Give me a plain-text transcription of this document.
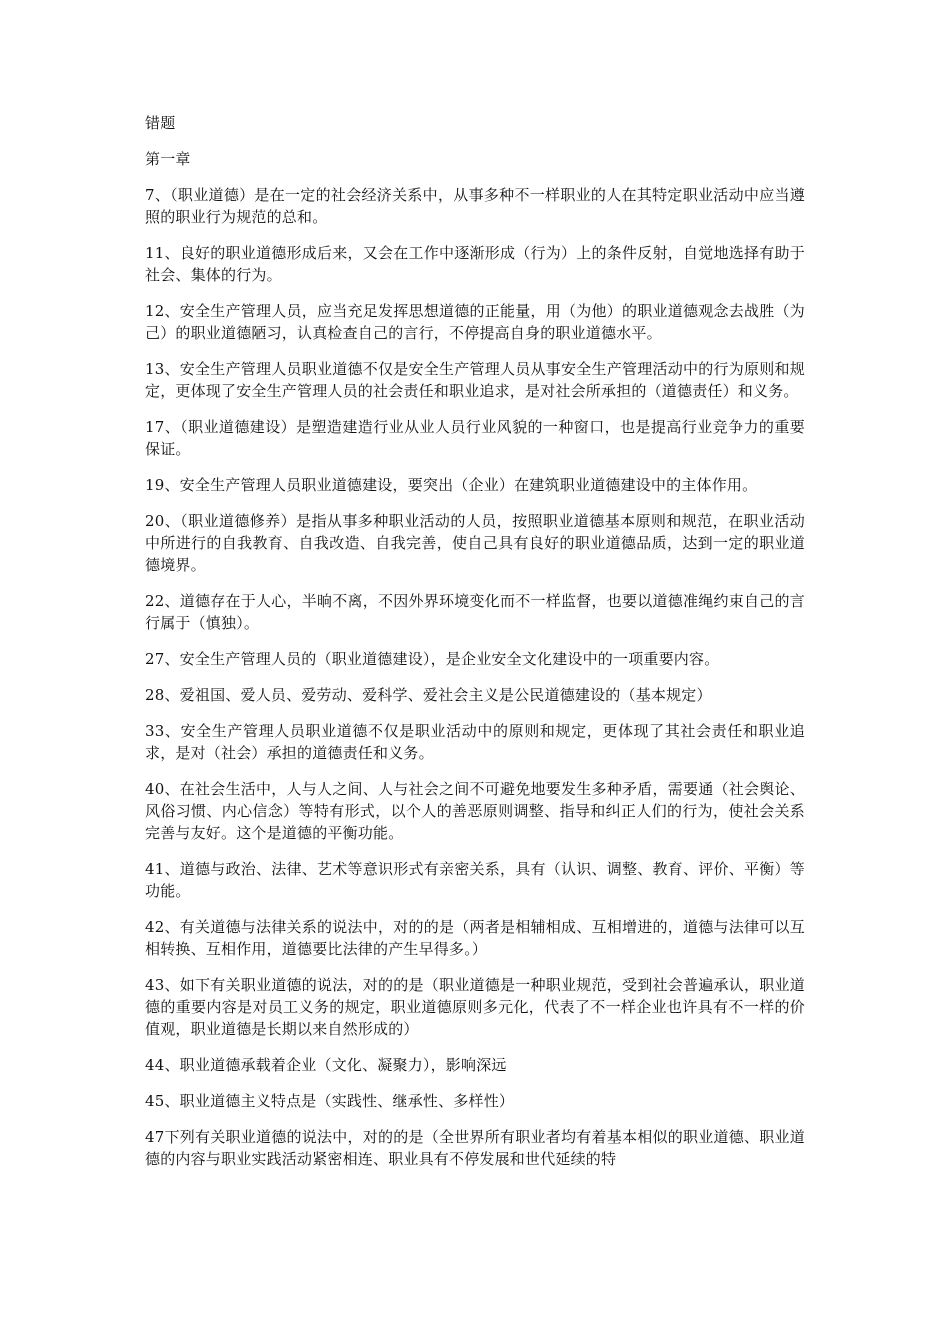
错题
第一章

7、（职业道德）是在一定的社会经济关系中，从事多种不一样职业的人在其特定职业活动中应当遵照的职业行为规范的总和。

11、良好的职业道德形成后来，又会在工作中逐渐形成（行为）上的条件反射，自觉地选择有助于社会、集体的行为。

12、安全生产管理人员，应当充足发挥思想道德的正能量，用（为他）的职业道德观念去战胜（为己）的职业道德陋习，认真检查自己的言行，不停提高自身的职业道德水平。

13、安全生产管理人员职业道德不仅是安全生产管理人员从事安全生产管理活动中的行为原则和规定，更体现了安全生产管理人员的社会责任和职业追求，是对社会所承担的（道德责任）和义务。

17、（职业道德建设）是塑造建造行业从业人员行业风貌的一种窗口，也是提高行业竞争力的重要保证。

19、安全生产管理人员职业道德建设，要突出（企业）在建筑职业道德建设中的主体作用。

20、（职业道德修养）是指从事多种职业活动的人员，按照职业道德基本原则和规范，在职业活动中所进行的自我教育、自我改造、自我完善，使自己具有良好的职业道德品质，达到一定的职业道德境界。

22、道德存在于人心，半晌不离，不因外界环境变化而不一样监督，也要以道德准绳约束自己的言行属于（慎独）。

27、安全生产管理人员的（职业道德建设），是企业安全文化建设中的一项重要内容。

28、爱祖国、爱人员、爱劳动、爱科学、爱社会主义是公民道德建设的（基本规定）

33、安全生产管理人员职业道德不仅是职业活动中的原则和规定，更体现了其社会责任和职业追求，是对（社会）承担的道德责任和义务。

40、在社会生活中，人与人之间、人与社会之间不可避免地要发生多种矛盾，需要通（社会舆论、风俗习惯、内心信念）等特有形式，以个人的善恶原则调整、指导和纠正人们的行为，使社会关系完善与友好。这个是道德的平衡功能。

41、道德与政治、法律、艺术等意识形式有亲密关系，具有（认识、调整、教育、评价、平衡）等功能。

42、有关道德与法律关系的说法中，对的的是（两者是相辅相成、互相增进的，道德与法律可以互相转换、互相作用，道德要比法律的产生早得多。）

43、如下有关职业道德的说法，对的的是（职业道德是一种职业规范，受到社会普遍承认，职业道德的重要内容是对员工义务的规定，职业道德原则多元化，代表了不一样企业也许具有不一样的价值观，职业道德是长期以来自然形成的）

44、职业道德承载着企业（文化、凝聚力），影响深远

45、职业道德主义特点是（实践性、继承性、多样性）

47下列有关职业道德的说法中，对的的是（全世界所有职业者均有着基本相似的职业道德、职业道德的内容与职业实践活动紧密相连、职业具有不停发展和世代延续的特
